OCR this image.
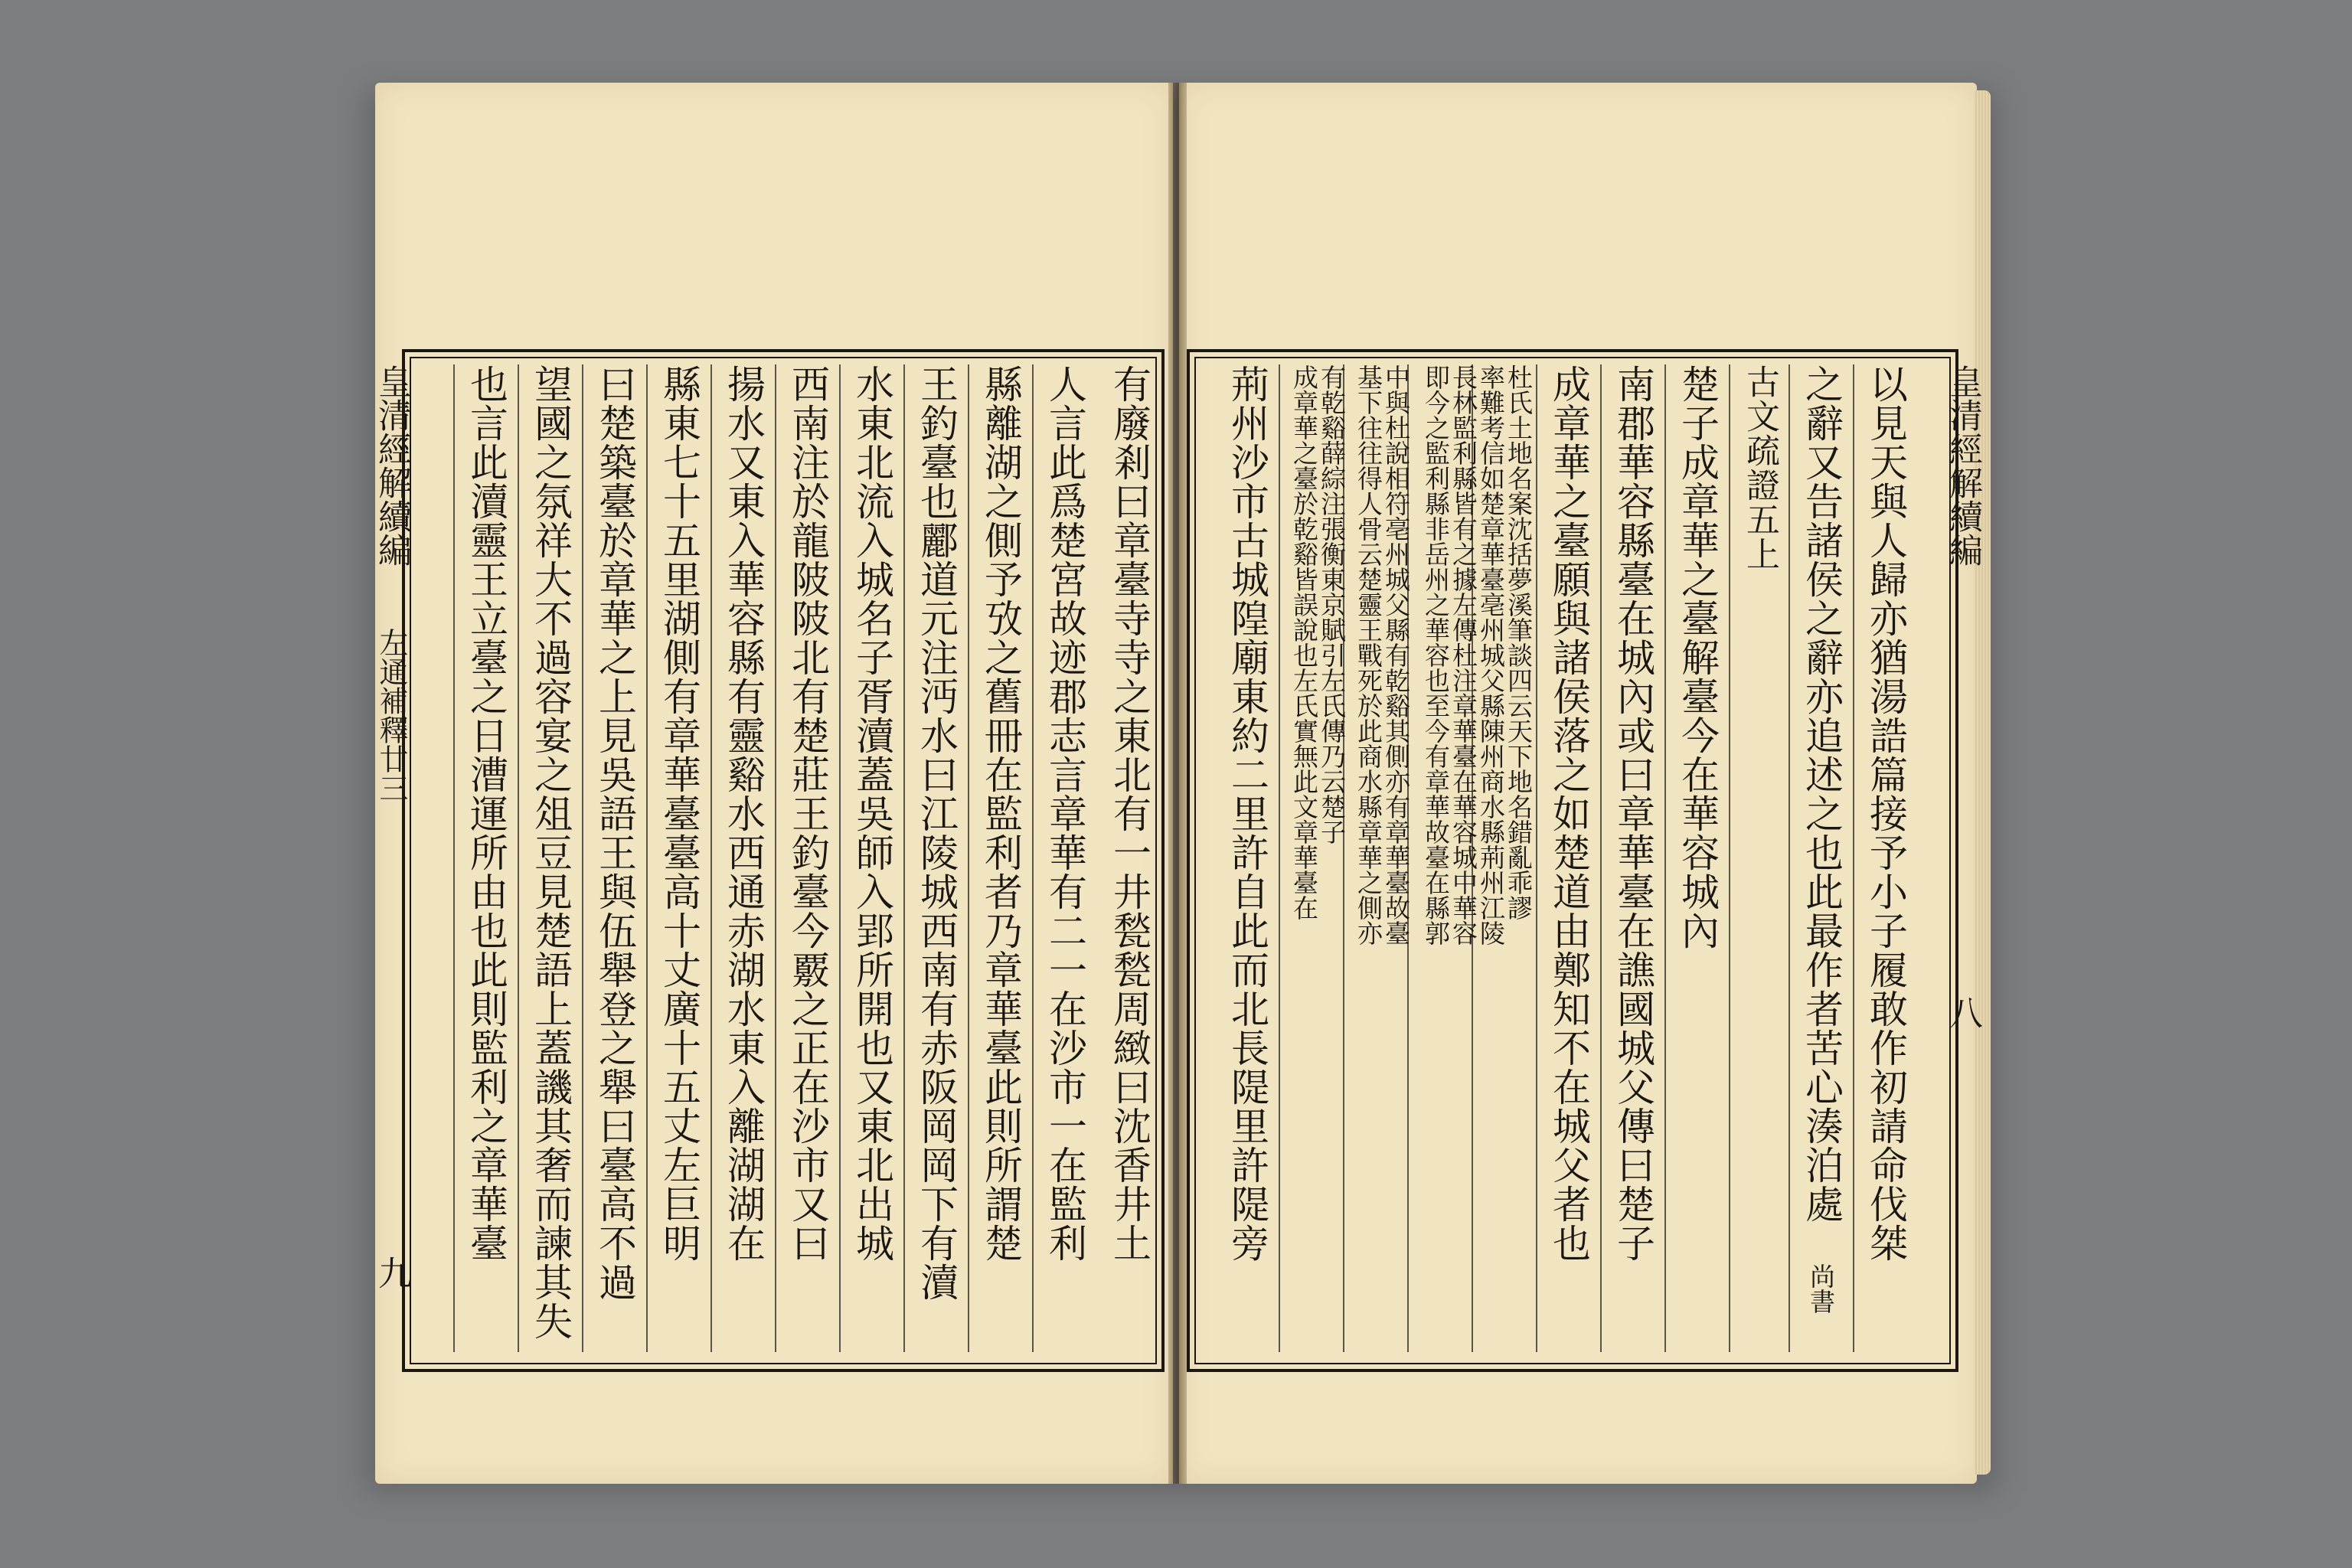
皇清經解續編
左通補釋廿三
九
有廢剎曰章臺寺寺之東北有一井甃甃周緻曰沈香井土
人言此爲楚宮故迹郡志言章華有二一在沙市一在監利
縣離湖之側予攷之舊冊在監利者乃章華臺此則所謂楚
王釣臺也酈道元注沔水曰江陵城西南有赤阪岡岡下有瀆
水東北流入城名子胥瀆蓋吳師入郢所開也又東北出城
西南注於龍陂陂北有楚莊王釣臺今覈之正在沙市又曰
揚水又東入華容縣有靈谿水西通赤湖水東入離湖湖在
縣東七十五里湖側有章華臺臺高十丈廣十五丈左巨明
曰楚築臺於章華之上見吳語王與伍舉登之舉曰臺高不過
望國之氛祥大不過容宴之俎豆見楚語上蓋譏其奢而諫其失
也言此瀆靈王立臺之日漕運所由也此則監利之章華臺	皇清經解續編
八
以見天與人歸亦猶湯誥篇接予小子履敢作初請命伐桀
之辭又告諸侯之辭亦追述之也此最作者苦心湊泊處
古文疏證五上
楚子成章華之臺解臺今在華容城內
南郡華容縣臺在城內或曰章華臺在譙國城父傳曰楚子
成章華之臺願與諸侯落之如楚道由鄭知不在城父者也
杜氏土地名案沈括夢溪筆談四云天下地名錯亂乖謬
率難考信如楚章華臺亳州城父縣陳州商水縣荊州江陵
長林監利縣皆有之據左傳杜注章華臺在華容城中華容
即今之監利縣非岳州之華容也至今有章華故臺在縣郭
中與杜說相符亳州城父縣有乾谿其側亦有章華臺故臺
基下往往得人骨云楚靈王戰死於此商水縣章華之側亦
有乾谿薛綜注張衡東京賦引左氏傳乃云楚子
成章華之臺於乾谿皆誤說也左氏實無此文章華臺在
荊州沙市古城隍廟東約二里許自此而北長隄里許隄旁
尚書
